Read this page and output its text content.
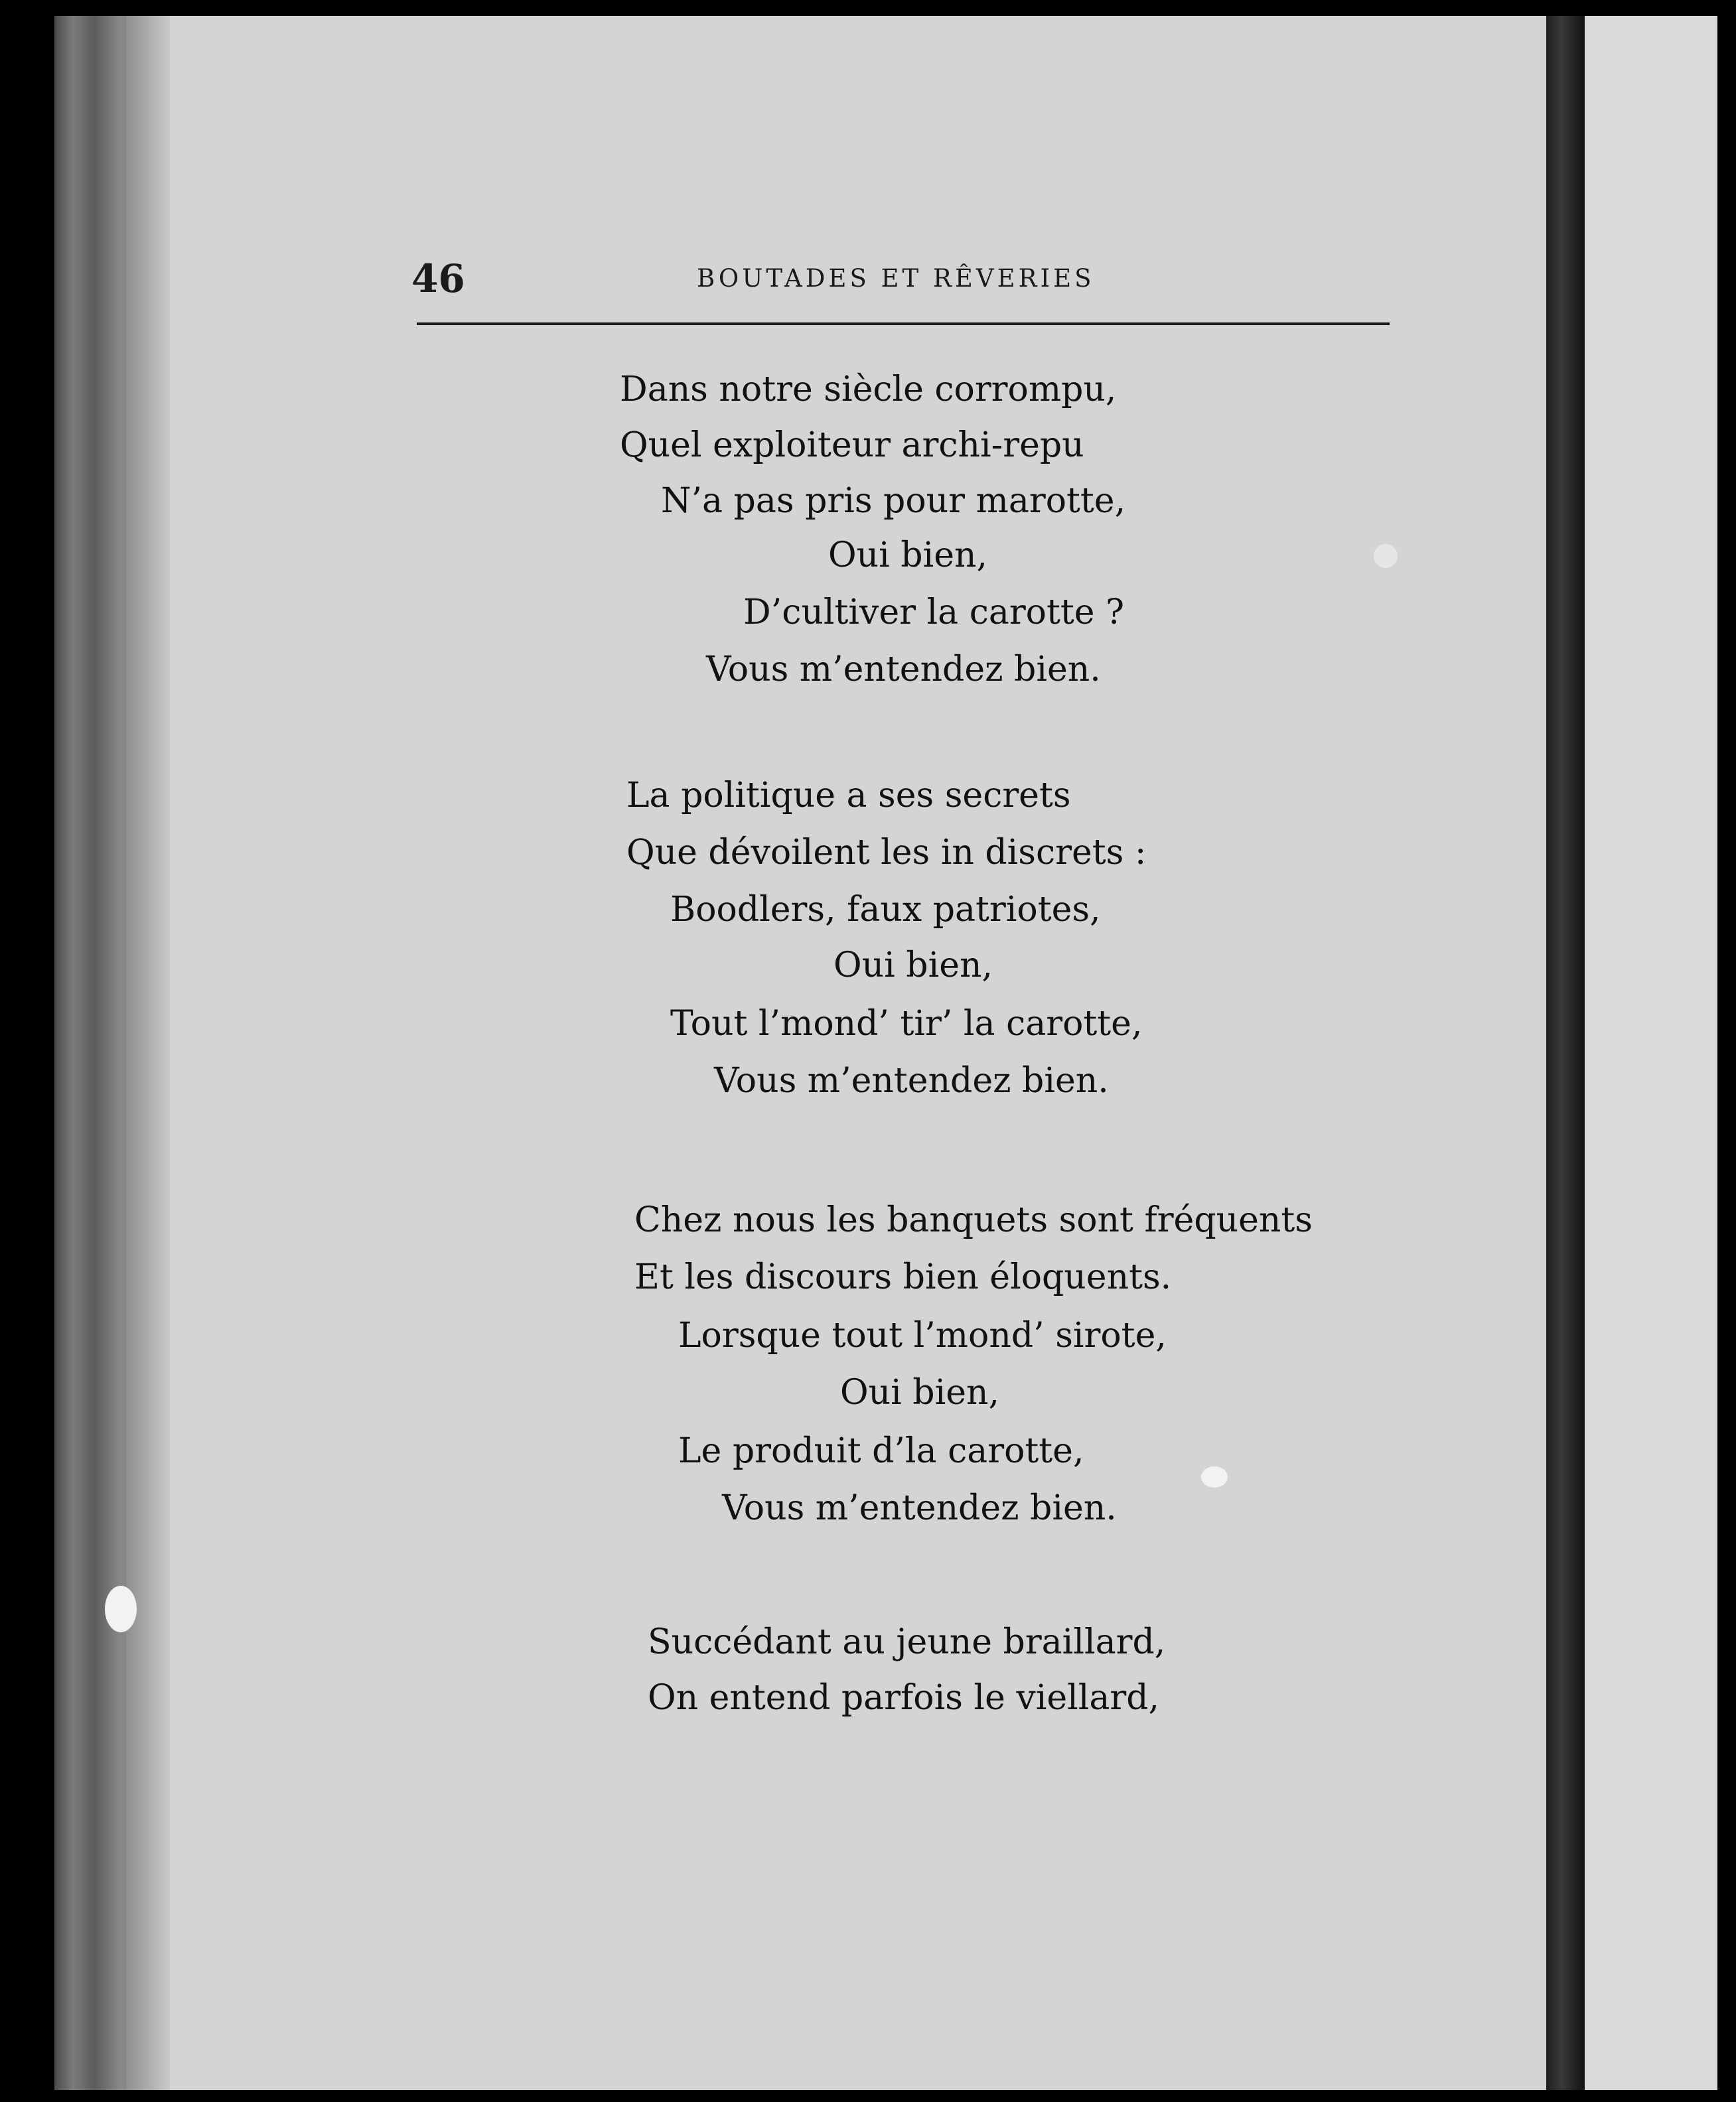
46	BOUTADES ET RÊVERIES
Dans notre siècle corrompu,
Quel exploiteur archi-repu
N’a pas pris pour marotte,
Oui bien,
D’cultiver la carotte ?
Vous m’entendez bien.
La politique a ses secrets
Que dévoilent les in discrets :
Boodlers, faux patriotes,
Oui bien,
Tout l’mond’ tir’ la carotte,
Vous m’entendez bien.
Chez nous les banquets sont fréquents
Et les discours bien éloquents.
Lorsque tout l’mond’ sirote,
Oui bien,
Le produit d’la carotte,
Vous m’entendez bien.
Succédant au jeune braillard,
On entend parfois le viellard,
